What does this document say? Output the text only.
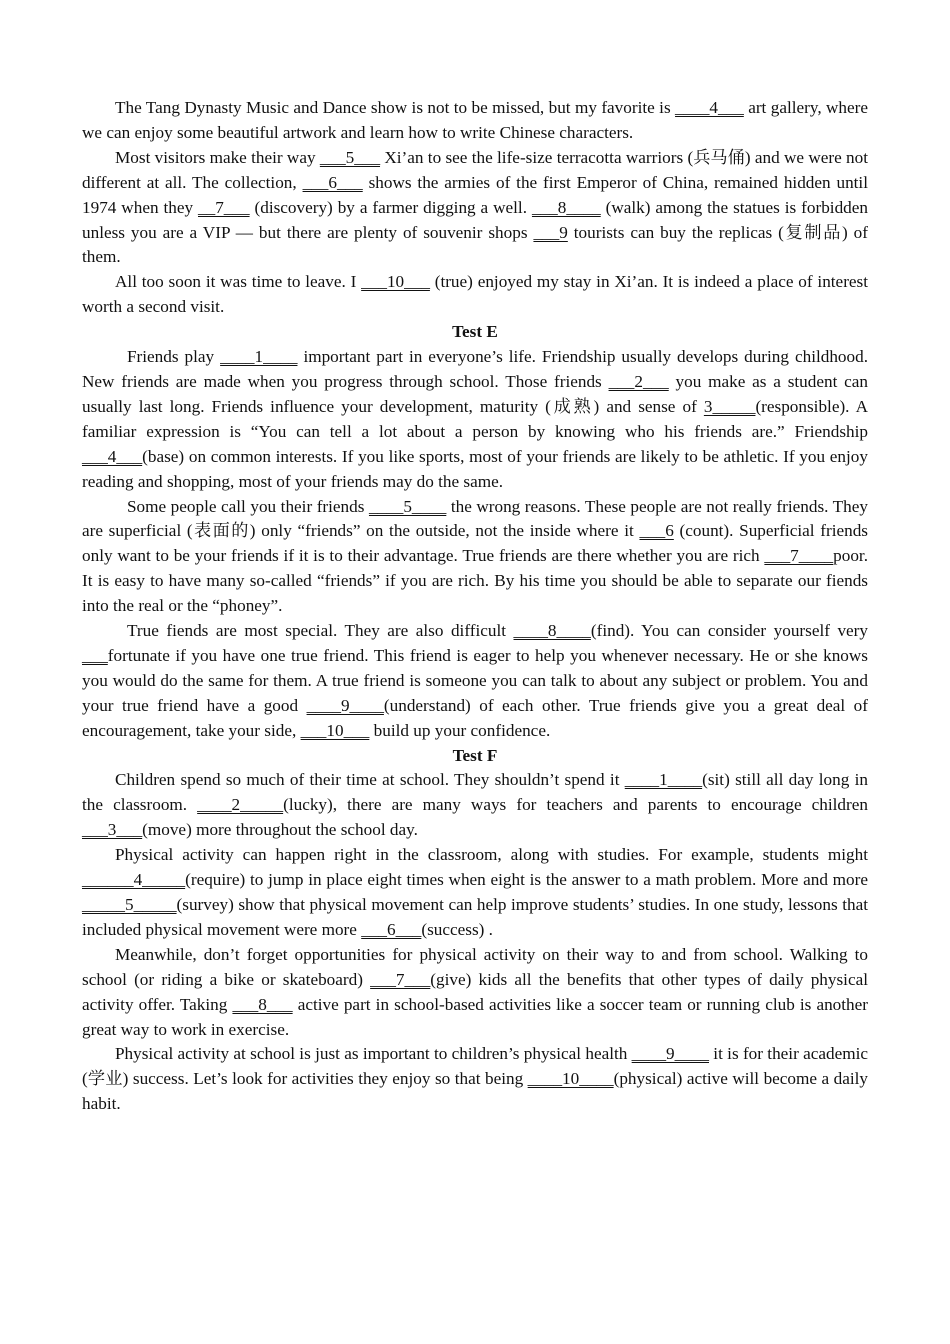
The Tang Dynasty Music and Dance show is not to be missed, but my favorite is ____4___ art gallery, where we can enjoy some beautiful artwork and learn how to write Chinese characters.

Most visitors make their way ___5___ Xi’an to see the life-size terracotta warriors (兵马俑) and we were not different at all. The collection, ___6___ shows the armies of the first Emperor of China, remained hidden until 1974 when they __7___ (discovery) by a farmer digging a well. ___8____ (walk) among the statues is forbidden unless you are a VIP — but there are plenty of souvenir shops ___9 tourists can buy the replicas (复制品) of them.

All too soon it was time to leave. I ___10___ (true) enjoyed my stay in Xi’an. It is indeed a place of interest worth a second visit.

Test E

Friends play ____1____ important part in everyone’s life. Friendship usually develops during childhood. New friends are made when you progress through school. Those friends ___2___ you make as a student can usually last long. Friends influence your development, maturity (成熟) and sense of 3_____(responsible). A familiar expression is “You can tell a lot about a person by knowing who his friends are.” Friendship ___4___(base) on common interests. If you like sports, most of your friends are likely to be athletic. If you enjoy reading and shopping, most of your friends may do the same.

Some people call you their friends ____5____ the wrong reasons. These people are not really friends. They are superficial (表面的) only “friends” on the outside, not the inside where it ___6 (count). Superficial friends only want to be your friends if it is to their advantage. True friends are there whether you are rich ___7____poor. It is easy to have many so-called “friends” if you are rich. By his time you should be able to separate our fiends into the real or the “phoney”.

True fiends are most special. They are also difficult ____8____(find). You can consider yourself very ___fortunate if you have one true friend. This friend is eager to help you whenever necessary. He or she knows you would do the same for them. A true friend is someone you can talk to about any subject or problem. You and your true friend have a good ____9____(understand) of each other. True friends give you a great deal of encouragement, take your side, ___10___ build up your confidence.

Test F

Children spend so much of their time at school. They shouldn’t spend it ____1____(sit) still all day long in the classroom. ____2_____(lucky), there are many ways for teachers and parents to encourage children ___3___(move) more throughout the school day.

Physical activity can happen right in the classroom, along with studies. For example, students might ______4_____(require) to jump in place eight times when eight is the answer to a math problem. More and more _____5_____(survey) show that physical movement can help improve students’ studies. In one study, lessons that included physical movement were more ___6___(success) .

Meanwhile, don’t forget opportunities for physical activity on their way to and from school. Walking to school (or riding a bike or skateboard) ___7___(give) kids all the benefits that other types of daily physical activity offer. Taking ___8___ active part in school-based activities like a soccer team or running club is another great way to work in exercise.

Physical activity at school is just as important to children’s physical health ____9____ it is for their academic (学业) success. Let’s look for activities they enjoy so that being ____10____(physical) active will become a daily habit.
